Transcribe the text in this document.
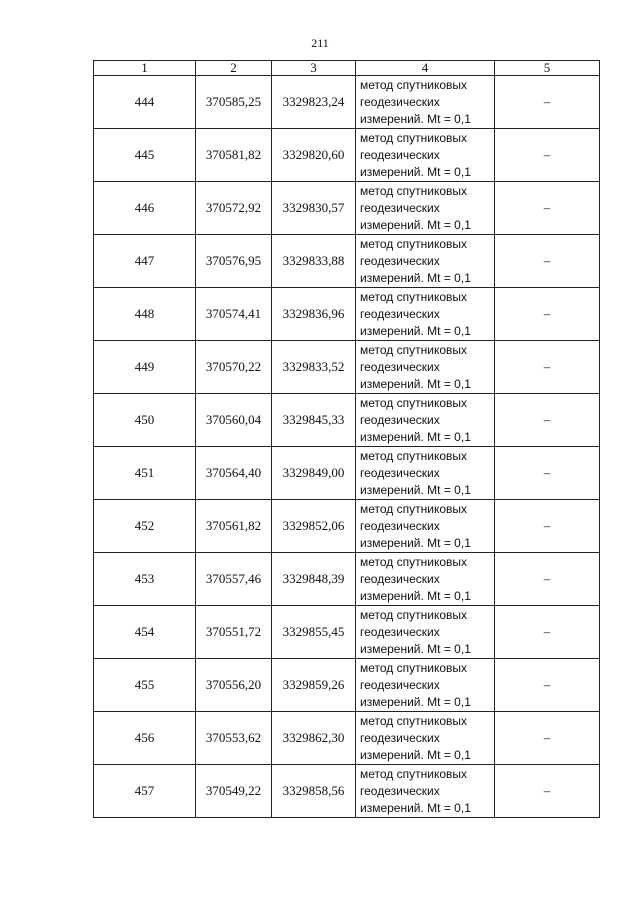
211
1	2	3	4	5
444	370585,25	3329823,24	метод спутниковых
геодезических
измерений. Mt = 0,1	–
445	370581,82	3329820,60	метод спутниковых
геодезических
измерений. Mt = 0,1	–
446	370572,92	3329830,57	метод спутниковых
геодезических
измерений. Mt = 0,1	–
447	370576,95	3329833,88	метод спутниковых
геодезических
измерений. Mt = 0,1	–
448	370574,41	3329836,96	метод спутниковых
геодезических
измерений. Mt = 0,1	–
449	370570,22	3329833,52	метод спутниковых
геодезических
измерений. Mt = 0,1	–
450	370560,04	3329845,33	метод спутниковых
геодезических
измерений. Mt = 0,1	–
451	370564,40	3329849,00	метод спутниковых
геодезических
измерений. Mt = 0,1	–
452	370561,82	3329852,06	метод спутниковых
геодезических
измерений. Mt = 0,1	–
453	370557,46	3329848,39	метод спутниковых
геодезических
измерений. Mt = 0,1	–
454	370551,72	3329855,45	метод спутниковых
геодезических
измерений. Mt = 0,1	–
455	370556,20	3329859,26	метод спутниковых
геодезических
измерений. Mt = 0,1	–
456	370553,62	3329862,30	метод спутниковых
геодезических
измерений. Mt = 0,1	–
457	370549,22	3329858,56	метод спутниковых
геодезических
измерений. Mt = 0,1	–
